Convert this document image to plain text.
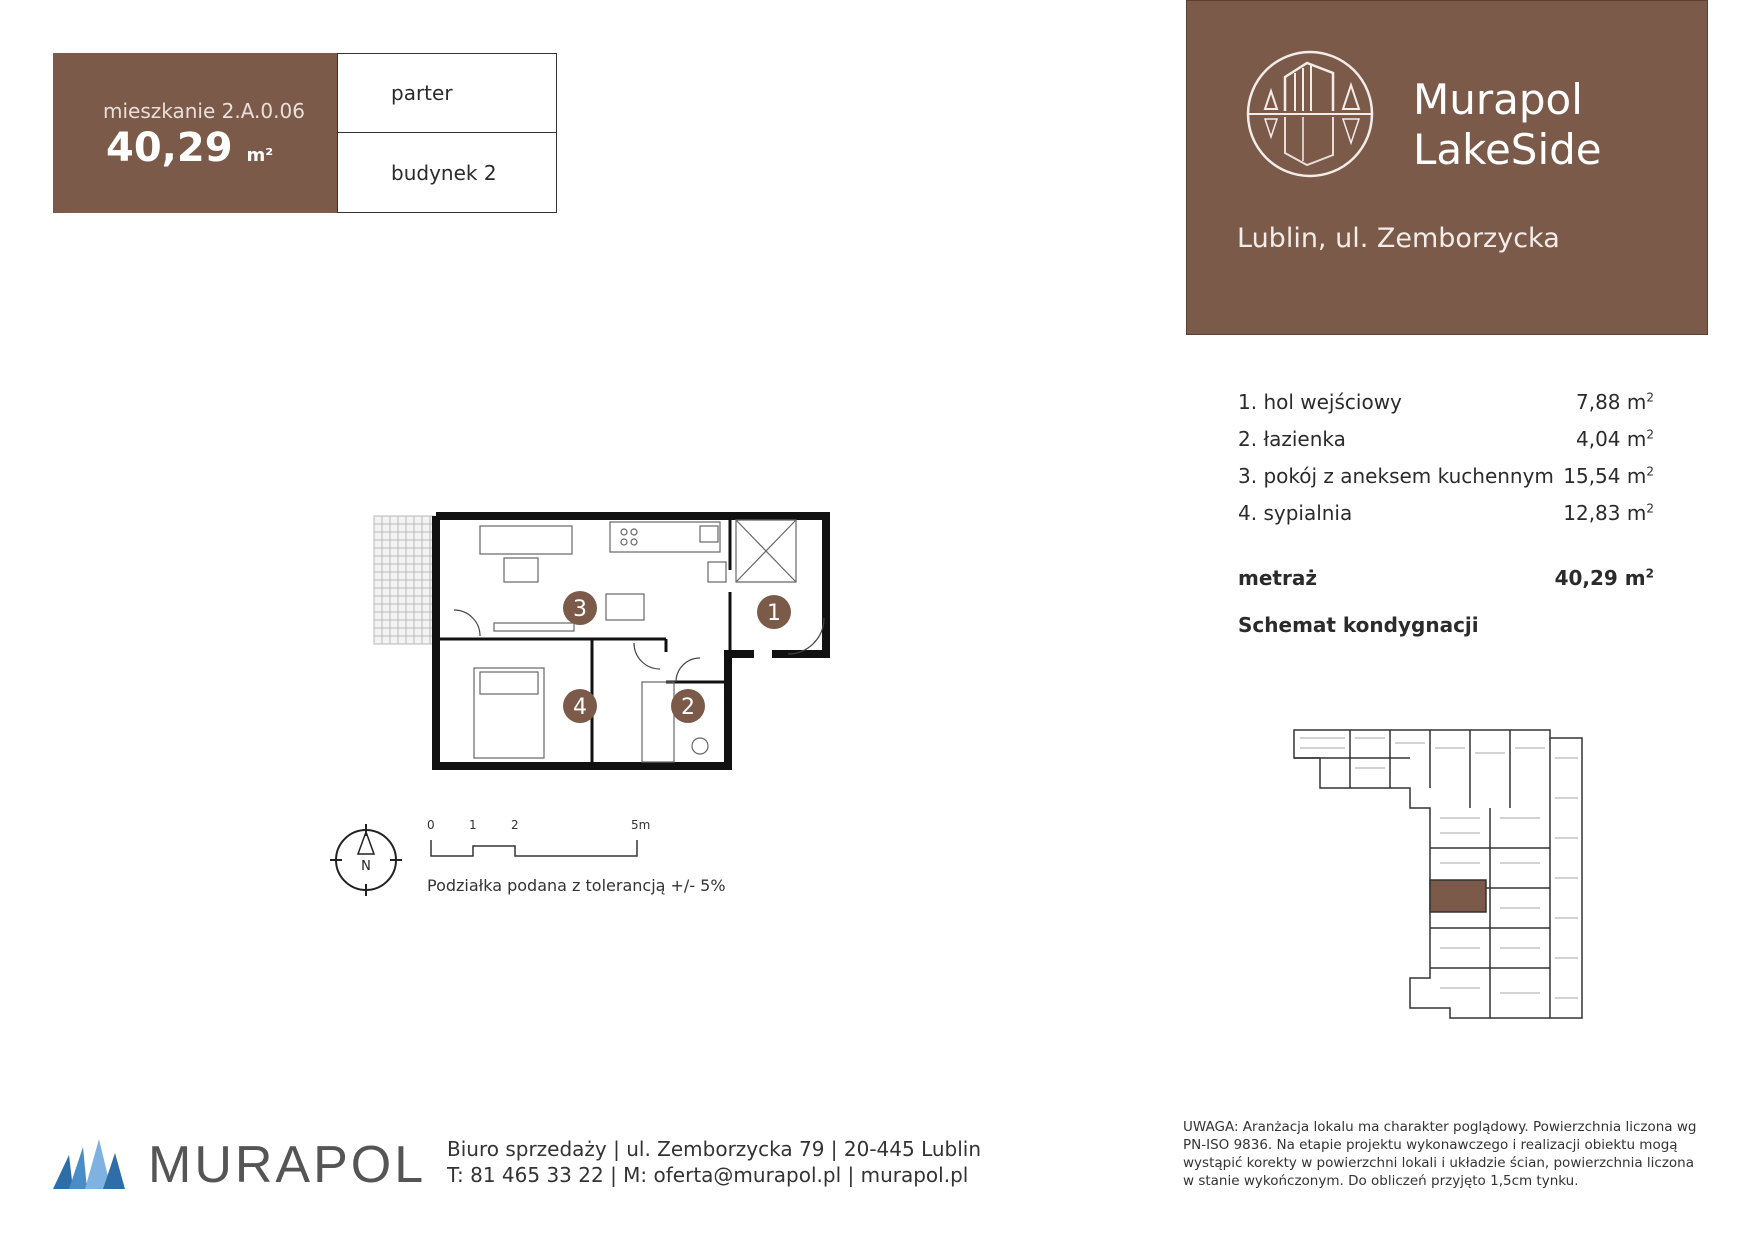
mieszkanie 2.A.0.06
40,29 m²
parter
budynek 2
Murapol
LakeSide
Lublin, ul. Zemborzycka
1. hol wejściowy	7,88 $m^2$
2. łazienka	4,04 $m^2$
3. pokój z aneksem kuchennym 15,54 $m^2$
4. sypialnia	12,83 $m^2$
metraż	40,29 $m^2$
Schemat kondygnacji
3	1
4	2
N
0	1	2	5m
Podziałka podana z tolerancją +/- 5%
MURAPOL Biuro sprzedaży | ul. Zemborzycka 79 | 20-445 Lublin
T: 81 465 33 22 | M: oferta@murapol.pl | murapol.pl
UWAGA: Aranżacja lokalu ma charakter poglądowy. Powierzchnia liczona wg PN-ISO 9836. Na etapie projektu wykonawczego i realizacji obiektu mogą wystąpić korekty w powierzchni lokali i układzie ścian, powierzchnia liczona w stanie wykończonym. Do obliczeń przyjęto 1,5cm tynku.
